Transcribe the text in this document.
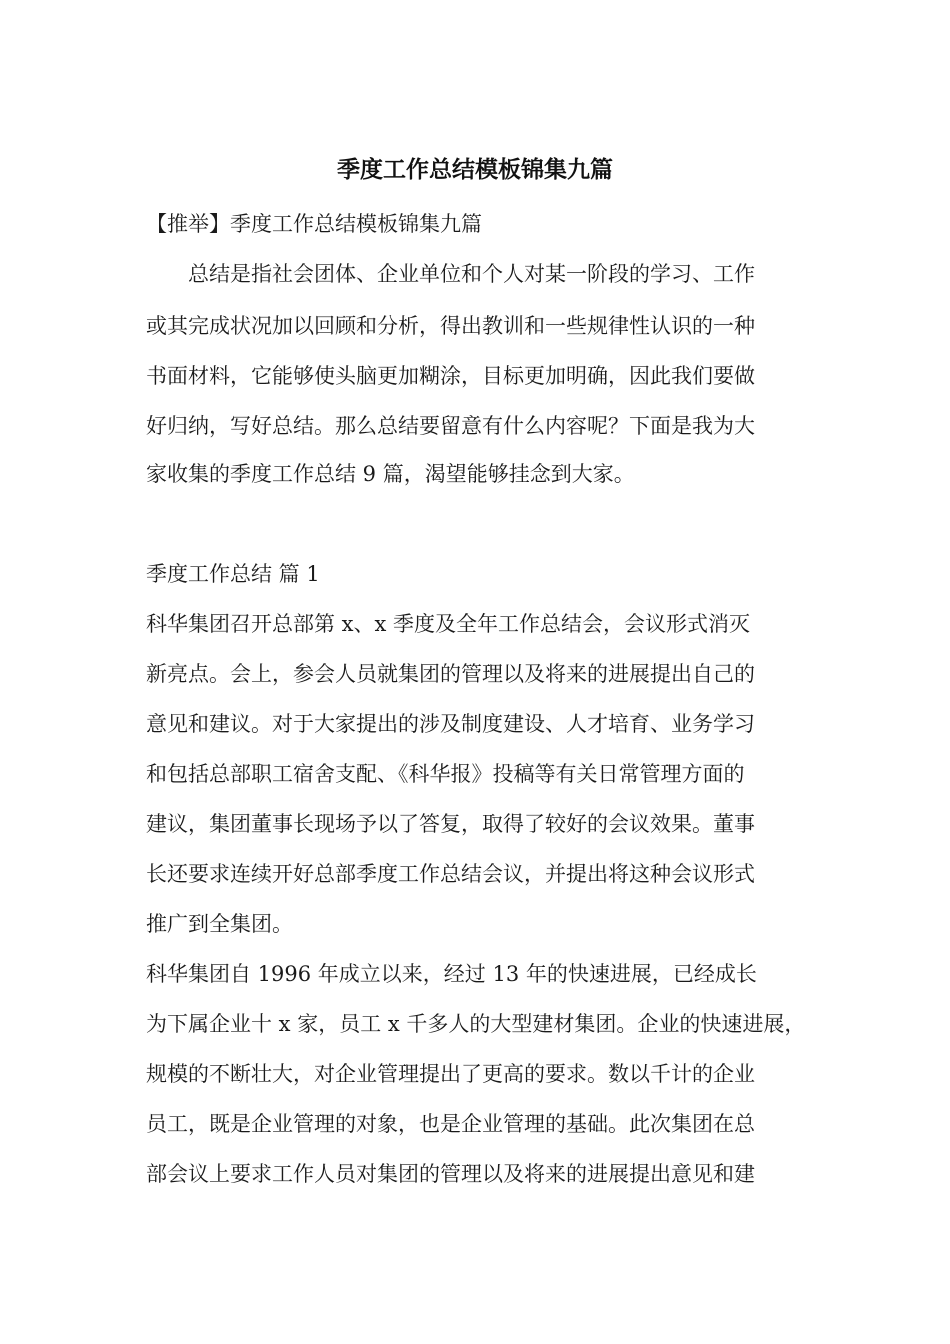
季度工作总结模板锦集九篇
【推举】季度工作总结模板锦集九篇
　　总结是指社会团体、企业单位和个人对某一阶段的学习、工作
或其完成状况加以回顾和分析，得出教训和一些规律性认识的一种
书面材料，它能够使头脑更加糊涂，目标更加明确，因此我们要做
好归纳，写好总结。那么总结要留意有什么内容呢？下面是我为大
家收集的季度工作总结 9 篇，渴望能够挂念到大家。
季度工作总结 篇 1
科华集团召开总部第 x、x 季度及全年工作总结会，会议形式消灭
新亮点。会上，参会人员就集团的管理以及将来的进展提出自己的
意见和建议。对于大家提出的涉及制度建设、人才培育、业务学习
和包括总部职工宿舍支配、《科华报》投稿等有关日常管理方面的
建议，集团董事长现场予以了答复，取得了较好的会议效果。董事
长还要求连续开好总部季度工作总结会议，并提出将这种会议形式
推广到全集团。
科华集团自 1996 年成立以来，经过 13 年的快速进展，已经成长
为下属企业十 x 家，员工 x 千多人的大型建材集团。企业的快速进展，
规模的不断壮大，对企业管理提出了更高的要求。数以千计的企业
员工，既是企业管理的对象，也是企业管理的基础。此次集团在总
部会议上要求工作人员对集团的管理以及将来的进展提出意见和建
